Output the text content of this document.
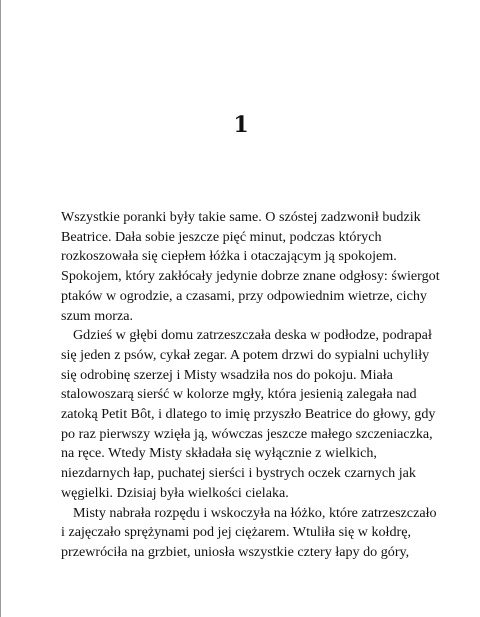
1

Wszystkie poranki były takie same. O szóstej zadzwonił budzik
Beatrice. Dała sobie jeszcze pięć minut, podczas których
rozkoszowała się ciepłem łóżka i otaczającym ją spokojem.
Spokojem, który zakłócały jedynie dobrze znane odgłosy: świergot
ptaków w ogrodzie, a czasami, przy odpowiednim wietrze, cichy
szum morza.

Gdzieś w głębi domu zatrzeszczała deska w podłodze, podrapał
się jeden z psów, cykał zegar. A potem drzwi do sypialni uchyliły
się odrobinę szerzej i Misty wsadziła nos do pokoju. Miała
stalowoszarą sierść w kolorze mgły, która jesienią zalegała nad
zatoką Petit Bôt, i dlatego to imię przyszło Beatrice do głowy, gdy
po raz pierwszy wzięła ją, wówczas jeszcze małego szczeniaczka,
na ręce. Wtedy Misty składała się wyłącznie z wielkich,
niezdarnych łap, puchatej sierści i bystrych oczek czarnych jak
węgielki. Dzisiaj była wielkości cielaka.

Misty nabrała rozpędu i wskoczyła na łóżko, które zatrzeszczało
i zajęczało sprężynami pod jej ciężarem. Wtuliła się w kołdrę,
przewróciła na grzbiet, uniosła wszystkie cztery łapy do góry,
